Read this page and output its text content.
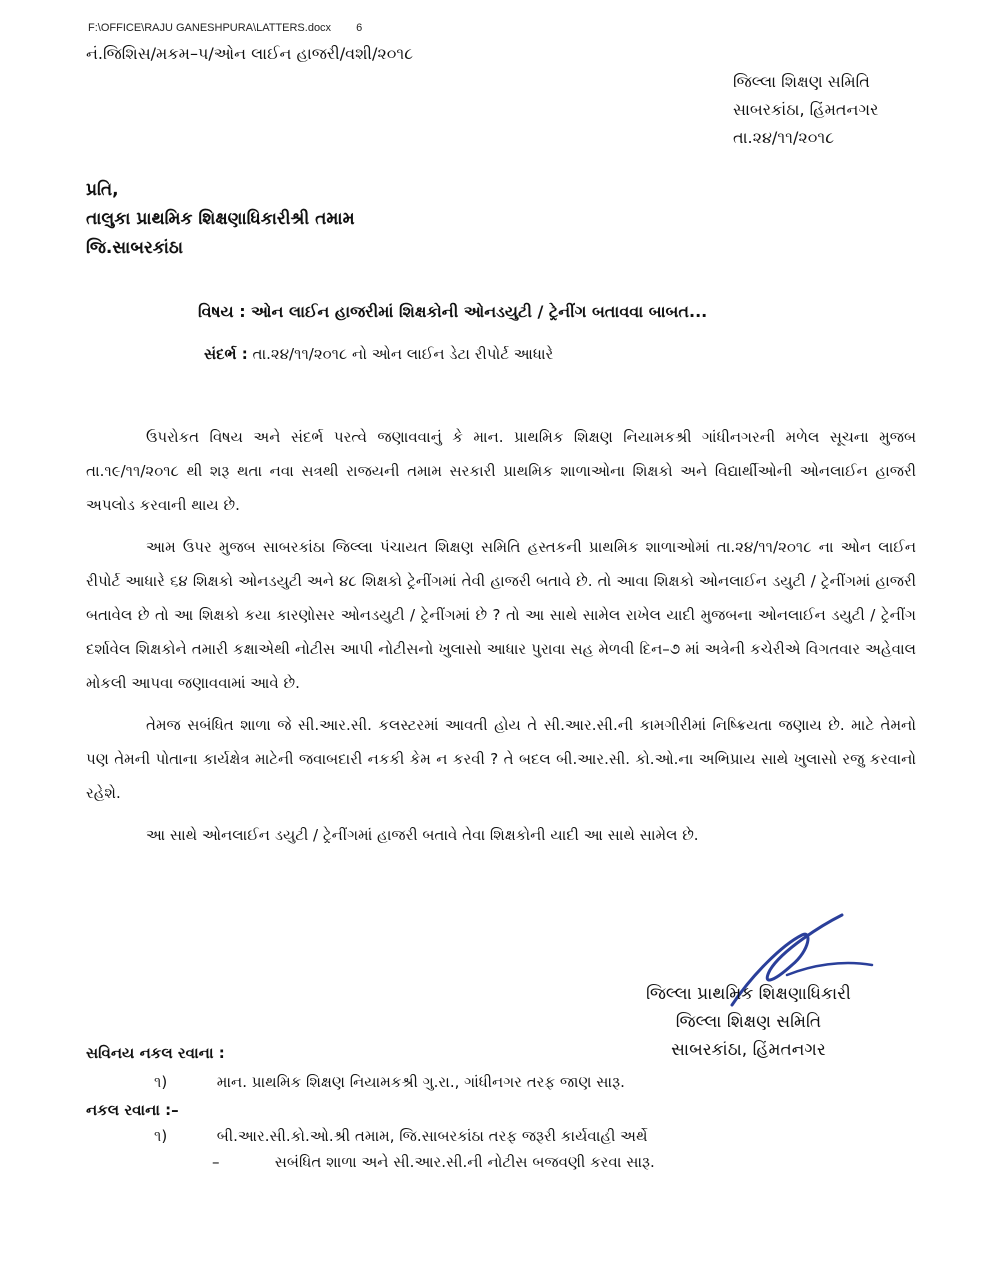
F:\OFFICE\RAJU GANESHPURA\LATTERS.docx 6
નં.જિશિસ/મકમ–પ/ઓન લાઈન હાજરી/વશી/૨૦૧૮
જિલ્લા શિક્ષણ સમિતિ
સાબરકાંઠા, હિંમતનગર
તા.૨૪/૧૧/૨૦૧૮
પ્રતિ,
તાલુકા પ્રાથમિક શિક્ષણાધિકારીશ્રી તમામ
જિ.સાબરકાંઠા
વિષય : ઓન લાઈન હાજરીમાં શિક્ષકોની ઓનડયુટી / ટ્રેનીંગ બતાવવા બાબત...
સંદર્ભ : તા.૨૪/૧૧/૨૦૧૮ નો ઓન લાઈન ડેટા રીપોર્ટ આધારે

ઉપરોકત વિષય અને સંદર્ભ પરત્વે જણાવવાનું કે માન. પ્રાથમિક શિક્ષણ નિયામકશ્રી ગાંધીનગરની મળેલ સૂચના મુજબ તા.૧૯/૧૧/૨૦૧૮ થી શરૂ થતા નવા સત્રથી રાજયની તમામ સરકારી પ્રાથમિક શાળાઓના શિક્ષકો અને વિદ્યાર્થીઓની ઓનલાઈન હાજરી અપલોડ કરવાની થાય છે.

આમ ઉપર મુજબ સાબરકાંઠા જિલ્લા પંચાયત શિક્ષણ સમિતિ હસ્તકની પ્રાથમિક શાળાઓમાં તા.૨૪/૧૧/૨૦૧૮ ના ઓન લાઈન રીપોર્ટ આધારે ૬૪ શિક્ષકો ઓનડયુટી અને ૪૮ શિક્ષકો ટ્રેનીંગમાં તેવી હાજરી બતાવે છે. તો આવા શિક્ષકો ઓનલાઈન ડયુટી / ટ્રેનીંગમાં હાજરી બતાવેલ છે તો આ શિક્ષકો કયા કારણોસર ઓનડયુટી / ટ્રેનીંગમાં છે ? તો આ સાથે સામેલ રાખેલ યાદી મુજબના ઓનલાઈન ડયુટી / ટ્રેનીંગ દર્શાવેલ શિક્ષકોને તમારી કક્ષાએથી નોટીસ આપી નોટીસનો ખુલાસો આધાર પુરાવા સહ મેળવી દિન–૭ માં અત્રેની કચેરીએ વિગતવાર અહેવાલ મોકલી આપવા જણાવવામાં આવે છે.

તેમજ સબંધિત શાળા જે સી.આર.સી. કલસ્ટરમાં આવતી હોય તે સી.આર.સી.ની કામગીરીમાં નિષ્ક્રિયતા જણાય છે. માટે તેમનો પણ તેમની પોતાના કાર્યક્ષેત્ર માટેની જવાબદારી નકકી કેમ ન કરવી ? તે બદલ બી.આર.સી. કો.ઓ.ના અભિપ્રાય સાથે ખુલાસો રજુ કરવાનો રહેશે.

આ સાથે ઓનલાઈન ડયુટી / ટ્રેનીંગમાં હાજરી બતાવે તેવા શિક્ષકોની યાદી આ સાથે સામેલ છે.

જિલ્લા પ્રાથમિક શિક્ષણાધિકારી
જિલ્લા શિક્ષણ સમિતિ
સાબરકાંઠા, હિંમતનગર
સવિનય નકલ રવાના :
૧)	માન. પ્રાથમિક શિક્ષણ નિયામકશ્રી ગુ.રા., ગાંધીનગર તરફ જાણ સારૂ.
નકલ રવાના :–
૧)	બી.આર.સી.કો.ઓ.શ્રી તમામ, જિ.સાબરકાંઠા તરફ જરૂરી કાર્યવાહી અર્થે
–	સબંધિત શાળા અને સી.આર.સી.ની નોટીસ બજવણી કરવા સારૂ.
